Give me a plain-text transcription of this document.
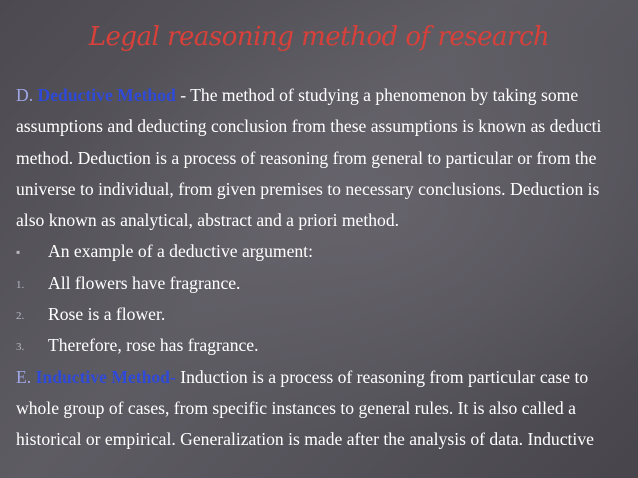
Legal reasoning method of research
D. Deductive Method - The method of studying a phenomenon by taking some
assumptions and deducting conclusion from these assumptions is known as deducti
method. Deduction is a process of reasoning from general to particular or from the
universe to individual, from given premises to necessary conclusions. Deduction is
also known as analytical, abstract and a priori method.
▪ An example of a deductive argument:
1. All flowers have fragrance.
2. Rose is a flower.
3. Therefore, rose has fragrance.
E. Inductive Method- Induction is a process of reasoning from particular case to
whole group of cases, from specific instances to general rules. It is also called a
historical or empirical. Generalization is made after the analysis of data. Inductive
